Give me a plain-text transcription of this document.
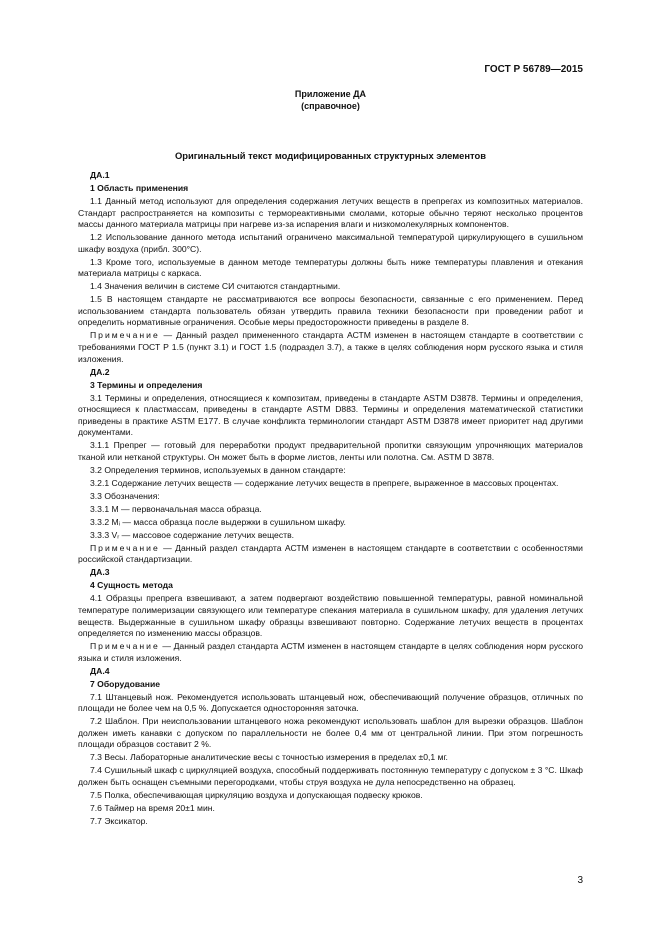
ГОСТ Р 56789—2015
Приложение ДА
(справочное)
Оригинальный текст модифицированных структурных элементов
ДА.1
1 Область применения
1.1 Данный метод используют для определения содержания летучих веществ в препрегах из композитных материалов. Стандарт распространяется на композиты с термореактивными смолами, которые обычно теряют несколько процентов массы данного материала матрицы при нагреве из-за испарения влаги и низкомолекулярных компонентов.
1.2 Использование данного метода испытаний ограничено максимальной температурой циркулирующего в сушильном шкафу воздуха (прибл. 300°C).
1.3 Кроме того, используемые в данном методе температуры должны быть ниже температуры плавления и отекания материала матрицы с каркаса.
1.4 Значения величин в системе СИ считаются стандартными.
1.5 В настоящем стандарте не рассматриваются все вопросы безопасности, связанные с его применением. Перед использованием стандарта пользователь обязан утвердить правила техники безопасности при проведении работ и определить нормативные ограничения. Особые меры предосторожности приведены в разделе 8.
Примечание — Данный раздел примененного стандарта АСТМ изменен в настоящем стандарте в соответствии с требованиями ГОСТ Р 1.5 (пункт 3.1) и ГОСТ 1.5 (подраздел 3.7), а также в целях соблюдения норм русского языка и стиля изложения.
ДА.2
3 Термины и определения
3.1 Термины и определения, относящиеся к композитам, приведены в стандарте ASTM D3878. Термины и определения, относящиеся к пластмассам, приведены в стандарте ASTM D883. Термины и определения математической статистики приведены в практике ASTM E177. В случае конфликта терминологии стандарт ASTM D3878 имеет приоритет над другими документами.
3.1.1 Препрег — готовый для переработки продукт предварительной пропитки связующим упрочняющих материалов тканой или нетканой структуры. Он может быть в форме листов, ленты или полотна. См. ASTM D 3878.
3.2 Определения терминов, используемых в данном стандарте:
3.2.1 Содержание летучих веществ — содержание летучих веществ в препреге, выраженное в массовых процентах.
3.3 Обозначения:
3.3.1 M — первоначальная масса образца.
3.3.2 Mᵢ — масса образца после выдержки в сушильном шкафу.
3.3.3 Vᵣ — массовое содержание летучих веществ.
Примечание — Данный раздел стандарта АСТМ изменен в настоящем стандарте в соответствии с особенностями российской стандартизации.
ДА.3
4 Сущность метода
4.1 Образцы препрега взвешивают, а затем подвергают воздействию повышенной температуры, равной номинальной температуре полимеризации связующего или температуре спекания материала в сушильном шкафу, для удаления летучих веществ. Выдержанные в сушильном шкафу образцы взвешивают повторно. Содержание летучих веществ в процентах определяется по изменению массы образцов.
Примечание — Данный раздел стандарта АСТМ изменен в настоящем стандарте в целях соблюдения норм русского языка и стиля изложения.
ДА.4
7 Оборудование
7.1 Штанцевый нож. Рекомендуется использовать штанцевый нож, обеспечивающий получение образцов, отличных по площади не более чем на 0,5 %. Допускается односторонняя заточка.
7.2 Шаблон. При неиспользовании штанцевого ножа рекомендуют использовать шаблон для вырезки образцов. Шаблон должен иметь канавки с допуском по параллельности не более 0,4 мм от центральной линии. При этом погрешность площади образцов составит 2 %.
7.3 Весы. Лабораторные аналитические весы с точностью измерения в пределах ±0,1 мг.
7.4 Сушильный шкаф с циркуляцией воздуха, способный поддерживать постоянную температуру с допуском ± 3 °С. Шкаф должен быть оснащен съемными перегородками, чтобы струя воздуха не дула непосредственно на образец.
7.5 Полка, обеспечивающая циркуляцию воздуха и допускающая подвеску крюков.
7.6 Таймер на время 20±1 мин.
7.7 Эксикатор.
3
